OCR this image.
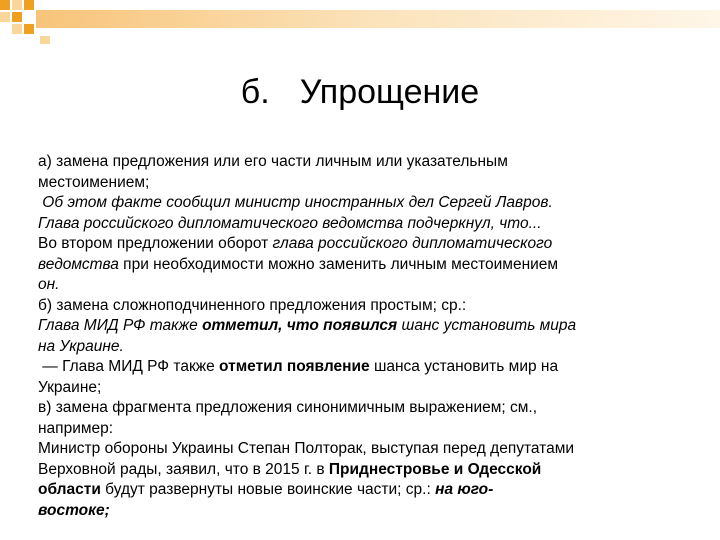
б. Упрощение

а) замена предложения или его части личным или указательным
местоимением;

Об этом факте сообщил министр иностранных дел Сергей Лавров.
Глава российского дипломатического ведомства подчеркнул, что...

Во втором предложении оборот глава российского дипломатического
ведомства при необходимости можно заменить личным местоимением
он.

б) замена сложноподчиненного предложения простым; ср.:

Глава МИД РФ также отметил, что появился шанс установить мира
на Украине.

— Глава МИД РФ также отметил появление шанса установить мир на
Украине;

в) замена фрагмента предложения синонимичным выражением; см.,
например:

Министр обороны Украины Степан Полторак, выступая перед депутатами
Верховной рады, заявил, что в 2015 г. в Приднестровье и Одесской
области будут развернуты новые воинские части; ср.: на юго-
востоке;
